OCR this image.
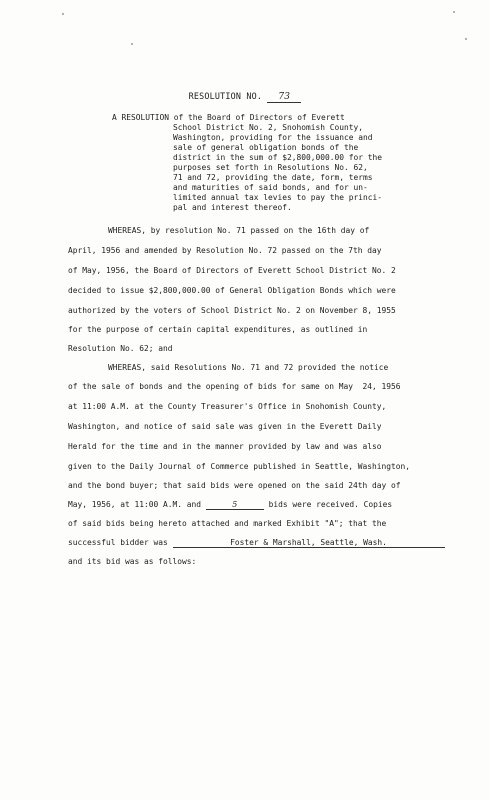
RESOLUTION NO. 73
A RESOLUTION of the Board of Directors of Everett
School District No. 2, Snohomish County,
Washington, providing for the issuance and
sale of general obligation bonds of the
district in the sum of $2,800,000.00 for the
purposes set forth in Resolutions No. 62,
71 and 72, providing the date, form, terms
and maturities of said bonds, and for un-
limited annual tax levies to pay the princi-
pal and interest thereof.
WHEREAS, by resolution No. 71 passed on the 16th day of
April, 1956 and amended by Resolution No. 72 passed on the 7th day
of May, 1956, the Board of Directors of Everett School District No. 2
decided to issue $2,800,000.00 of General Obligation Bonds which were
authorized by the voters of School District No. 2 on November 8, 1955
for the purpose of certain capital expenditures, as outlined in
Resolution No. 62; and
WHEREAS, said Resolutions No. 71 and 72 provided the notice
of the sale of bonds and the opening of bids for same on May  24, 1956
at 11:00 A.M. at the County Treasurer's Office in Snohomish County,
Washington, and notice of said sale was given in the Everett Daily
Herald for the time and in the manner provided by law and was also
given to the Daily Journal of Commerce published in Seattle, Washington,
and the bond buyer; that said bids were opened on the said 24th day of
May, 1956, at 11:00 A.M. and	5	bids were received. Copies
of said bids being hereto attached and marked Exhibit "A"; that the
successful bidder was	Foster & Marshall, Seattle, Wash.
and its bid was as follows:
